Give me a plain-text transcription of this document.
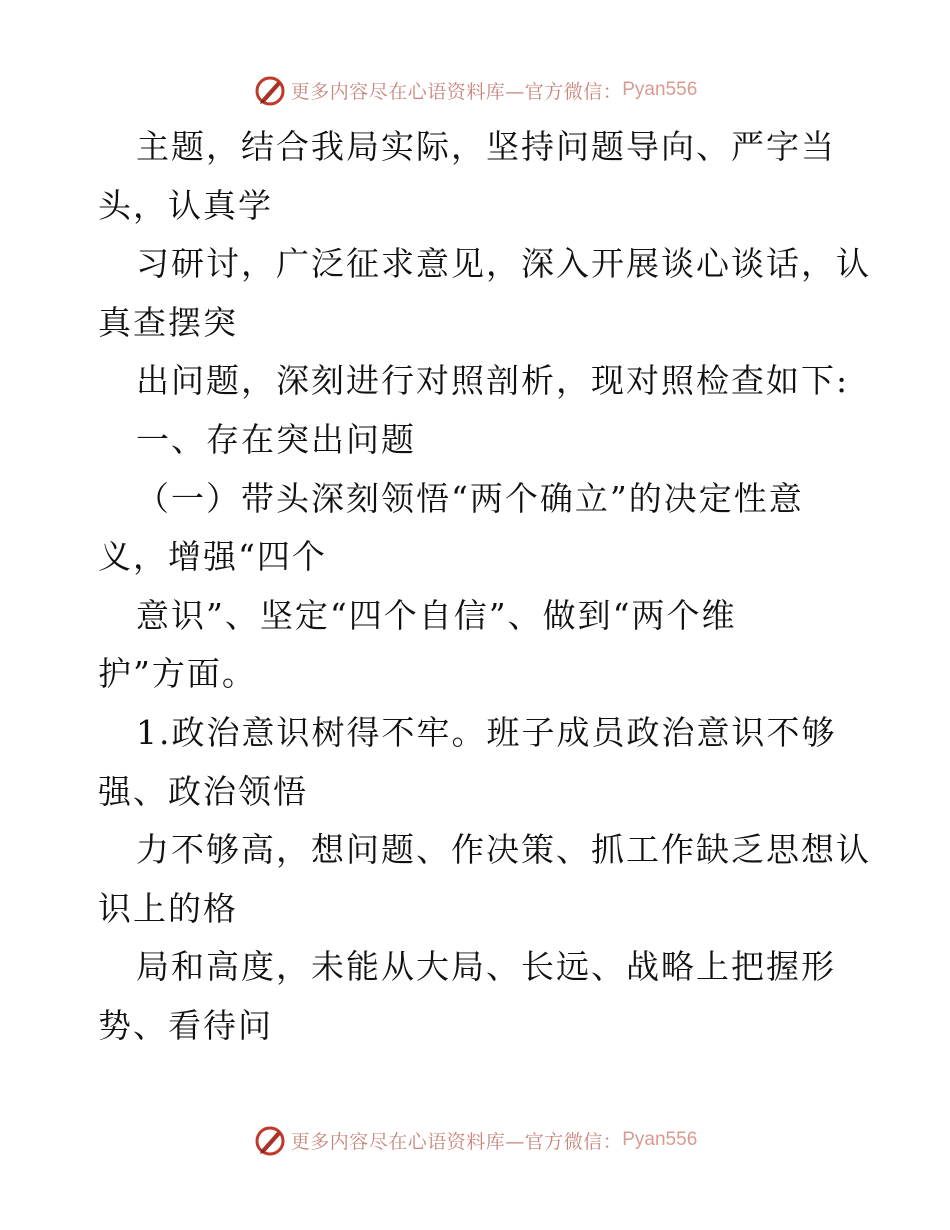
更多内容尽在心语资料库—官方微信： Pyan556
主题，结合我局实际，坚持问题导向、严字当
头，认真学
习研讨，广泛征求意见，深入开展谈心谈话，认
真查摆突
出问题，深刻进行对照剖析，现对照检查如下:
一、存在突出问题
（一）带头深刻领悟“两个确立”的决定性意
义，增强“四个
意识”、坚定“四个自信”、做到“两个维
护”方面。
1.政治意识树得不牢。班子成员政治意识不够
强、政治领悟
力不够高，想问题、作决策、抓工作缺乏思想认
识上的格
局和高度，未能从大局、长远、战略上把握形
势、看待问
更多内容尽在心语资料库—官方微信： Pyan556
